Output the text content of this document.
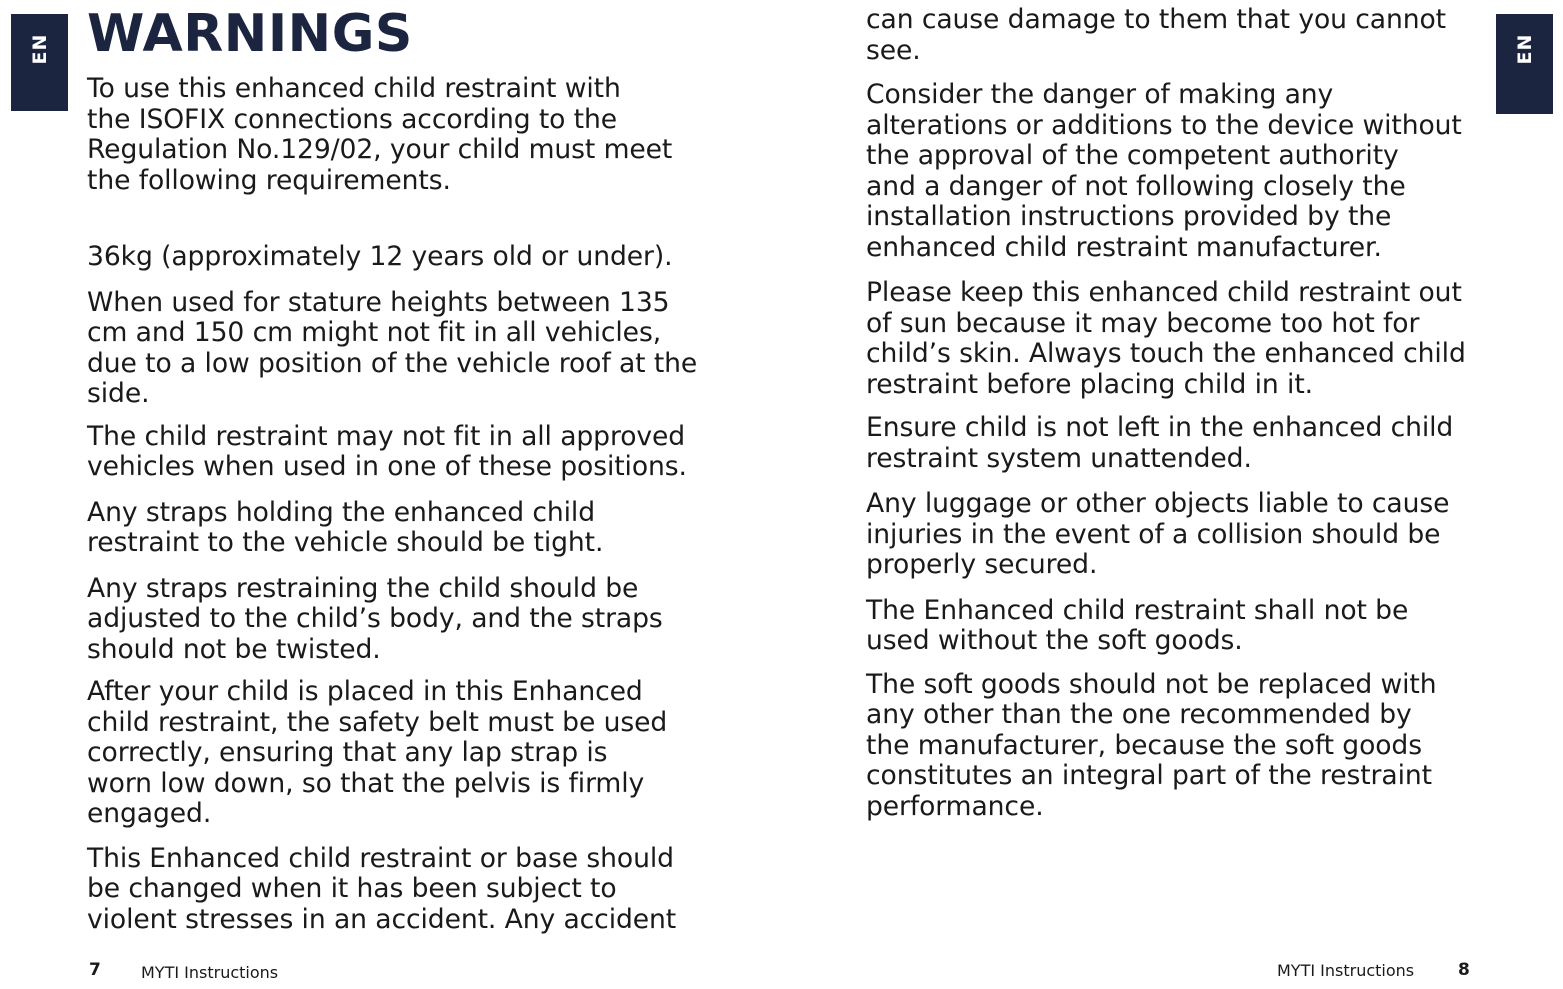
EN	EN
WARNINGS

To use this enhanced child restraint with
the ISOFIX connections according to the
Regulation No.129/02, your child must meet
the following requirements.

36kg (approximately 12 years old or under).

When used for stature heights between 135
cm and 150 cm might not fit in all vehicles,
due to a low position of the vehicle roof at the
side.

The child restraint may not fit in all approved
vehicles when used in one of these positions.

Any straps holding the enhanced child
restraint to the vehicle should be tight.

Any straps restraining the child should be
adjusted to the child’s body, and the straps
should not be twisted.

After your child is placed in this Enhanced
child restraint, the safety belt must be used
correctly, ensuring that any lap strap is
worn low down, so that the pelvis is firmly
engaged.

This Enhanced child restraint or base should
be changed when it has been subject to
violent stresses in an accident. Any accident

can cause damage to them that you cannot
see.

Consider the danger of making any
alterations or additions to the device without
the approval of the competent authority
and a danger of not following closely the
installation instructions provided by the
enhanced child restraint manufacturer.

Please keep this enhanced child restraint out
of sun because it may become too hot for
child’s skin. Always touch the enhanced child
restraint before placing child in it.

Ensure child is not left in the enhanced child
restraint system unattended.

Any luggage or other objects liable to cause
injuries in the event of a collision should be
properly secured.

The Enhanced child restraint shall not be
used without the soft goods.

The soft goods should not be replaced with
any other than the one recommended by
the manufacturer, because the soft goods
constitutes an integral part of the restraint
performance.

7	MYTI Instructions	MYTI Instructions	8
